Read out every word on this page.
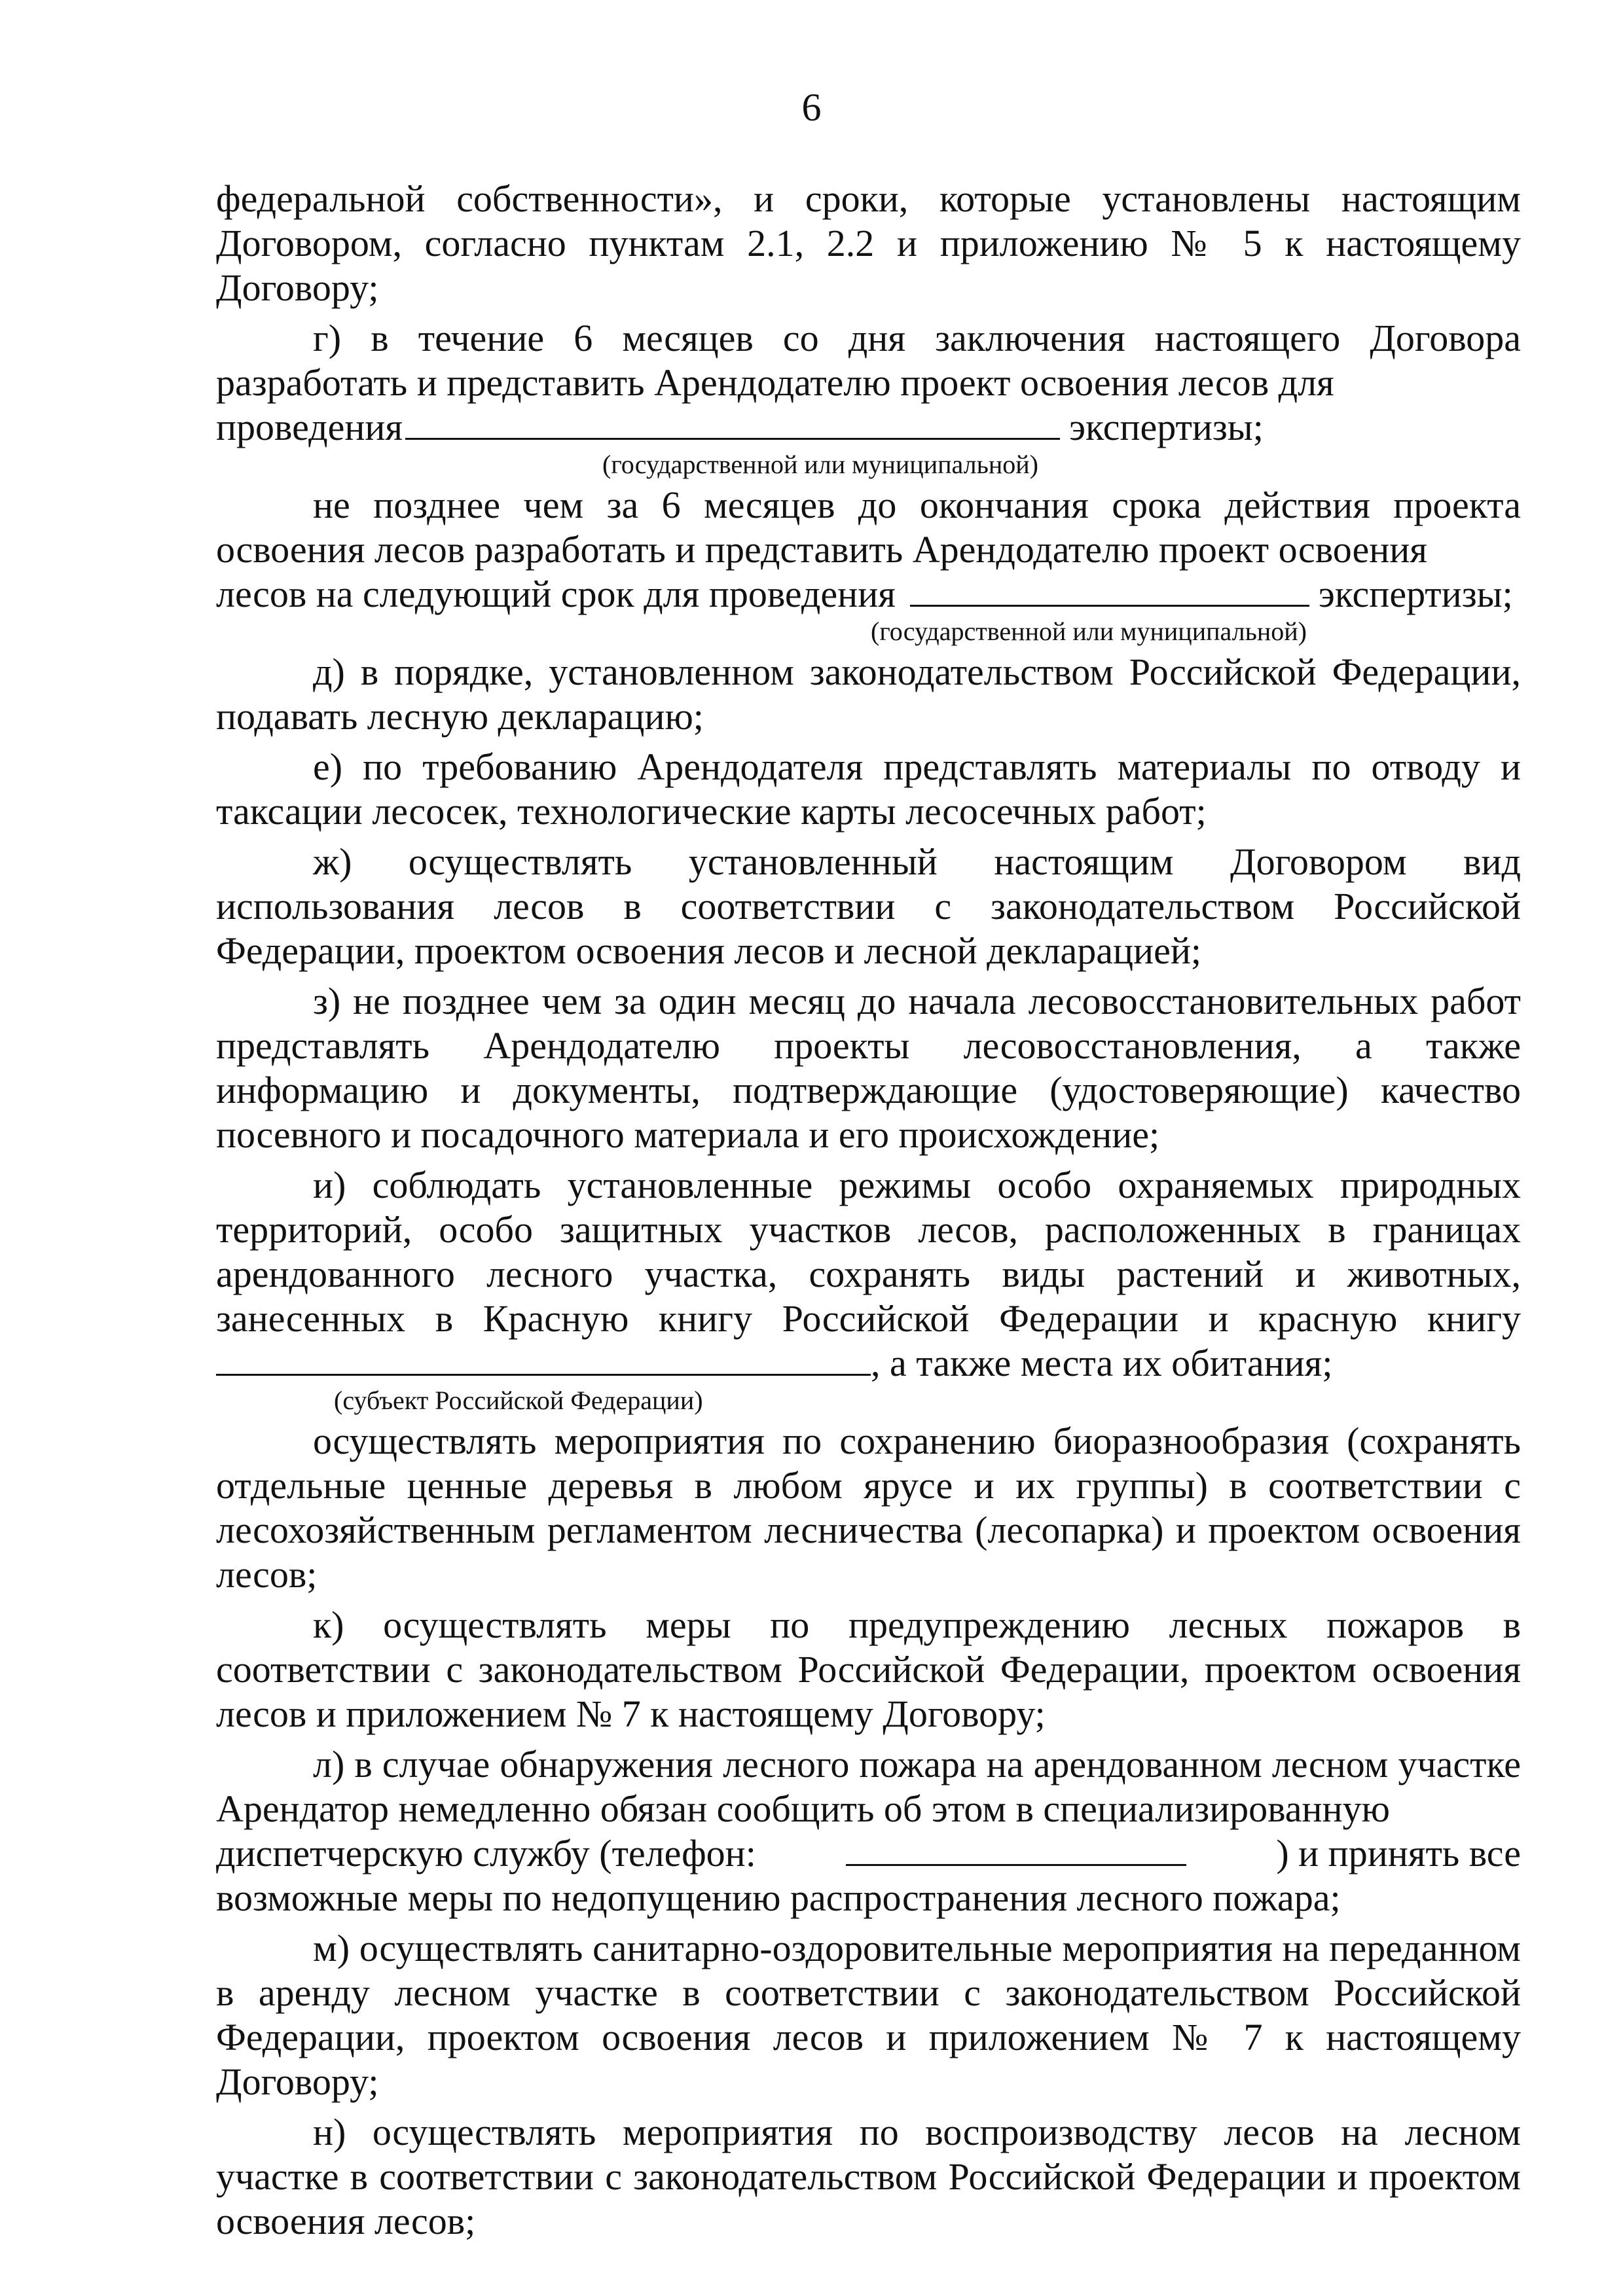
6

федеральной собственности», и сроки, которые установлены настоящим Договором, согласно пунктам 2.1, 2.2 и приложению № 5 к настоящему Договору;

г) в течение 6 месяцев со дня заключения настоящего Договора разработать и представить Арендодателю проект освоения лесов для

проведения	экспертизы;
(государственной или муниципальной)

не позднее чем за 6 месяцев до окончания срока действия проекта освоения лесов разработать и представить Арендодателю проект освоения

лесов на следующий срок для проведения	экспертизы;
(государственной или муниципальной)

д) в порядке, установленном законодательством Российской Федерации, подавать лесную декларацию;

е) по требованию Арендодателя представлять материалы по отводу и таксации лесосек, технологические карты лесосечных работ;

ж) осуществлять установленный настоящим Договором вид использования лесов в соответствии с законодательством Российской Федерации, проектом освоения лесов и лесной декларацией;

з) не позднее чем за один месяц до начала лесовосстановительных работ представлять Арендодателю проекты лесовосстановления, а также информацию и документы, подтверждающие (удостоверяющие) качество посевного и посадочного материала и его происхождение;

и) соблюдать установленные режимы особо охраняемых природных территорий, особо защитных участков лесов, расположенных в границах арендованного лесного участка, сохранять виды растений и животных, занесенных в Красную книгу Российской Федерации и красную книгу

, а также места их обитания;
(субъект Российской Федерации)

осуществлять мероприятия по сохранению биоразнообразия (сохранять отдельные ценные деревья в любом ярусе и их группы) в соответствии с лесохозяйственным регламентом лесничества (лесопарка) и проектом освоения лесов;

к) осуществлять меры по предупреждению лесных пожаров в соответствии с законодательством Российской Федерации, проектом освоения лесов и приложением № 7 к настоящему Договору;

л) в случае обнаружения лесного пожара на арендованном лесном участке Арендатор немедленно обязан сообщить об этом в специализированную

диспетчерскую службу (телефон:	) и принять все

возможные меры по недопущению распространения лесного пожара;

м) осуществлять санитарно-оздоровительные мероприятия на переданном в аренду лесном участке в соответствии с законодательством Российской Федерации, проектом освоения лесов и приложением № 7 к настоящему Договору;

н) осуществлять мероприятия по воспроизводству лесов на лесном участке в соответствии с законодательством Российской Федерации и проектом освоения лесов;
